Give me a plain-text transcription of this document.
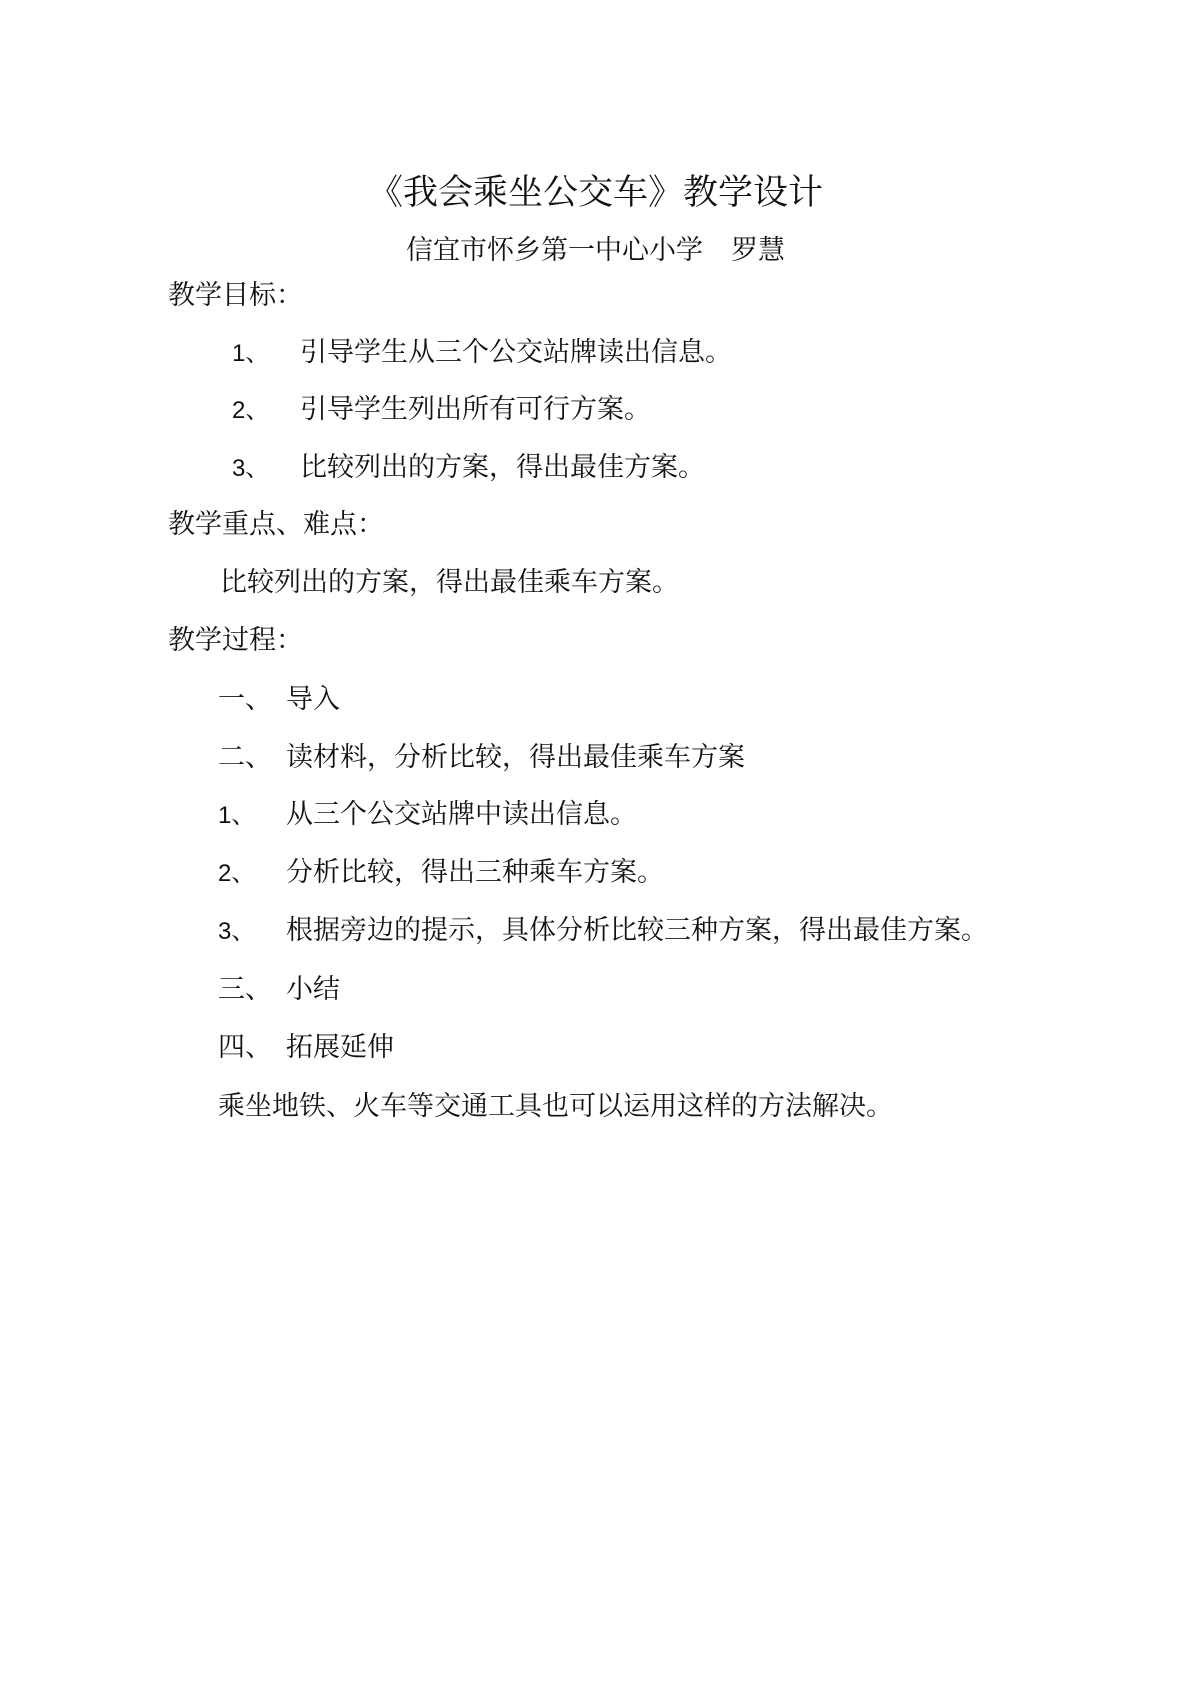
《我会乘坐公交车》教学设计
信宜市怀乡第一中心小学 罗慧
教学目标：
1、 引导学生从三个公交站牌读出信息。
2、 引导学生列出所有可行方案。
3、 比较列出的方案，得出最佳方案。
教学重点、难点：
比较列出的方案，得出最佳乘车方案。
教学过程：
一、 导入
二、 读材料，分析比较，得出最佳乘车方案
1、 从三个公交站牌中读出信息。
2、 分析比较，得出三种乘车方案。
3、 根据旁边的提示，具体分析比较三种方案，得出最佳方案。
三、 小结
四、 拓展延伸
乘坐地铁、火车等交通工具也可以运用这样的方法解决。
